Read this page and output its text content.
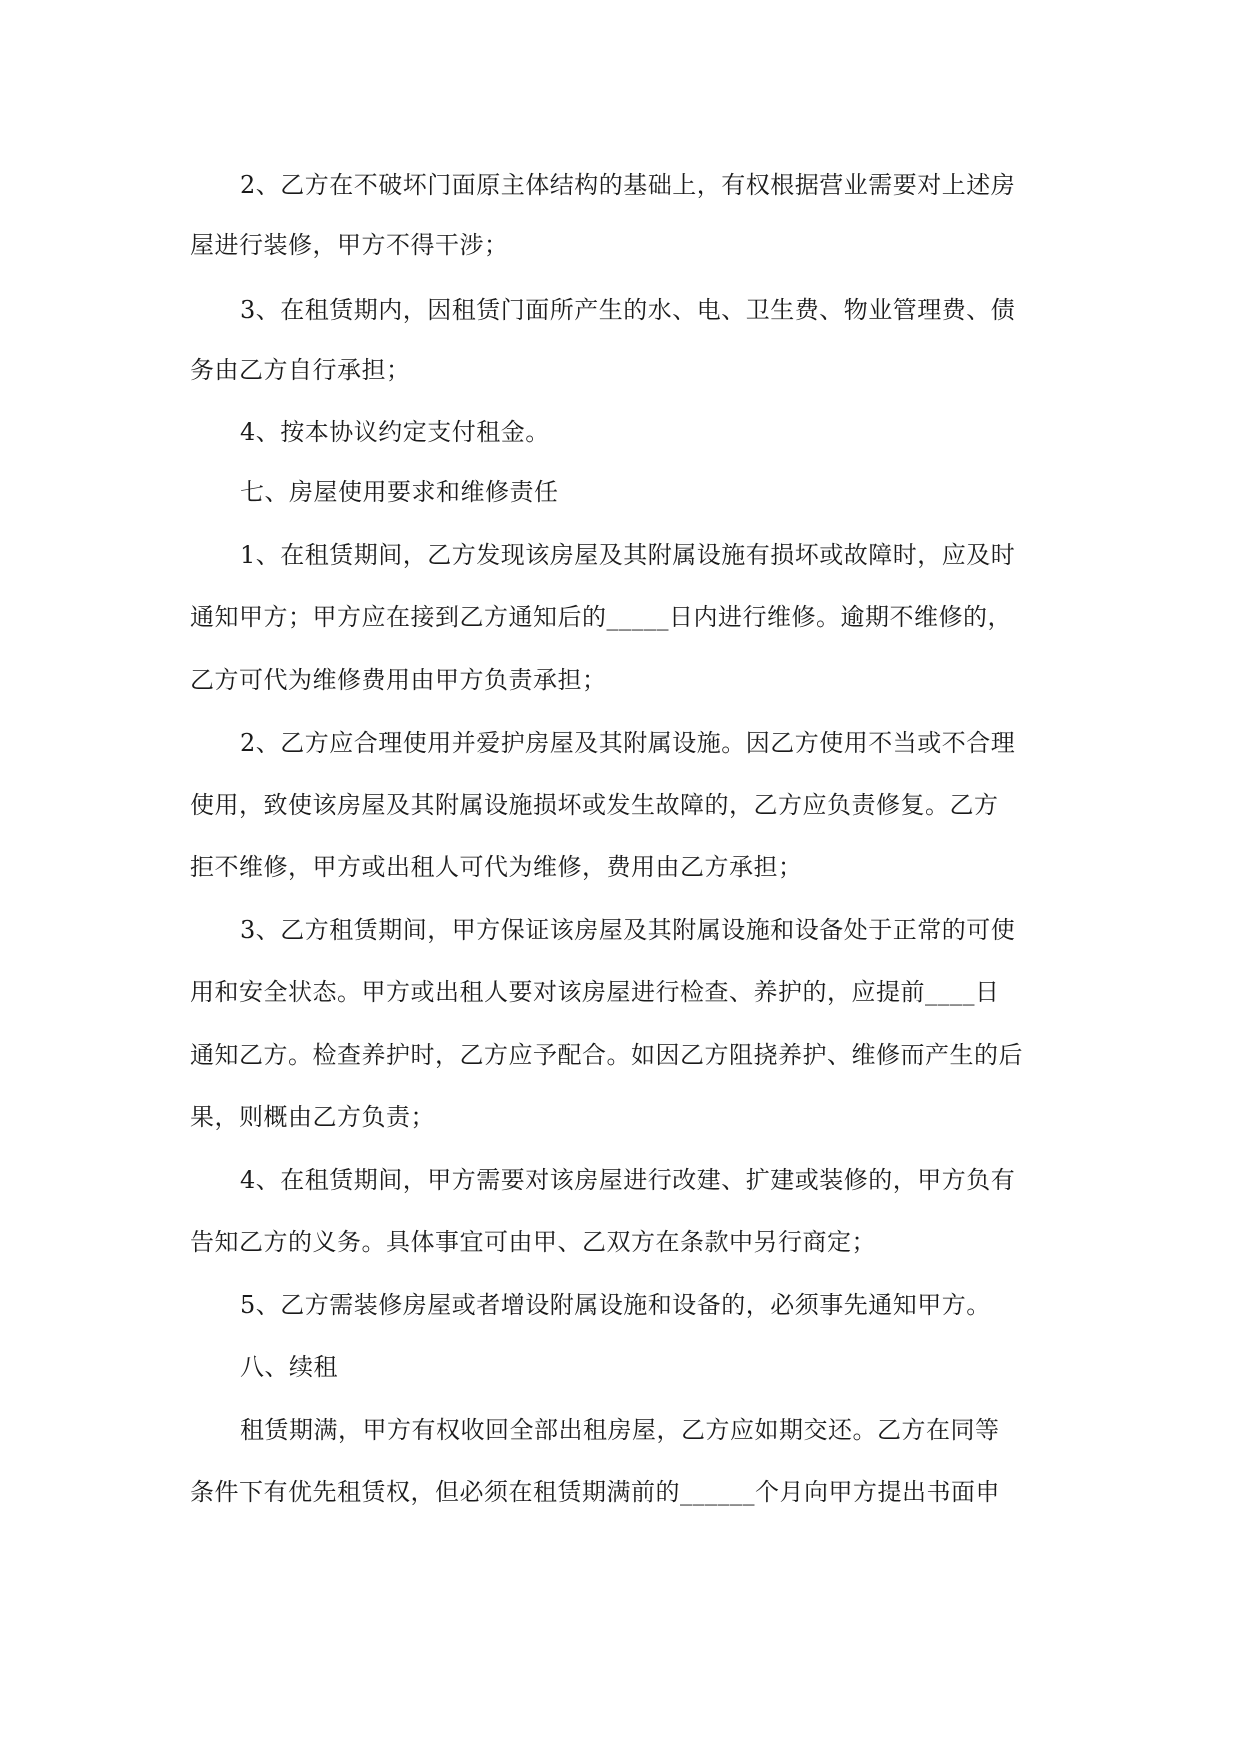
2、乙方在不破坏门面原主体结构的基础上，有权根据营业需要对上述房
屋进行装修，甲方不得干涉；
3、在租赁期内，因租赁门面所产生的水、电、卫生费、物业管理费、债
务由乙方自行承担；
4、按本协议约定支付租金。
七、房屋使用要求和维修责任
1、在租赁期间，乙方发现该房屋及其附属设施有损坏或故障时，应及时
通知甲方；甲方应在接到乙方通知后的_____日内进行维修。逾期不维修的，
乙方可代为维修费用由甲方负责承担；
2、乙方应合理使用并爱护房屋及其附属设施。因乙方使用不当或不合理
使用，致使该房屋及其附属设施损坏或发生故障的，乙方应负责修复。乙方
拒不维修，甲方或出租人可代为维修，费用由乙方承担；
3、乙方租赁期间，甲方保证该房屋及其附属设施和设备处于正常的可使
用和安全状态。甲方或出租人要对该房屋进行检查、养护的，应提前____日
通知乙方。检查养护时，乙方应予配合。如因乙方阻挠养护、维修而产生的后
果，则概由乙方负责；
4、在租赁期间，甲方需要对该房屋进行改建、扩建或装修的，甲方负有
告知乙方的义务。具体事宜可由甲、乙双方在条款中另行商定；
5、乙方需装修房屋或者增设附属设施和设备的，必须事先通知甲方。
八、续租
租赁期满，甲方有权收回全部出租房屋，乙方应如期交还。乙方在同等
条件下有优先租赁权，但必须在租赁期满前的______个月向甲方提出书面申
